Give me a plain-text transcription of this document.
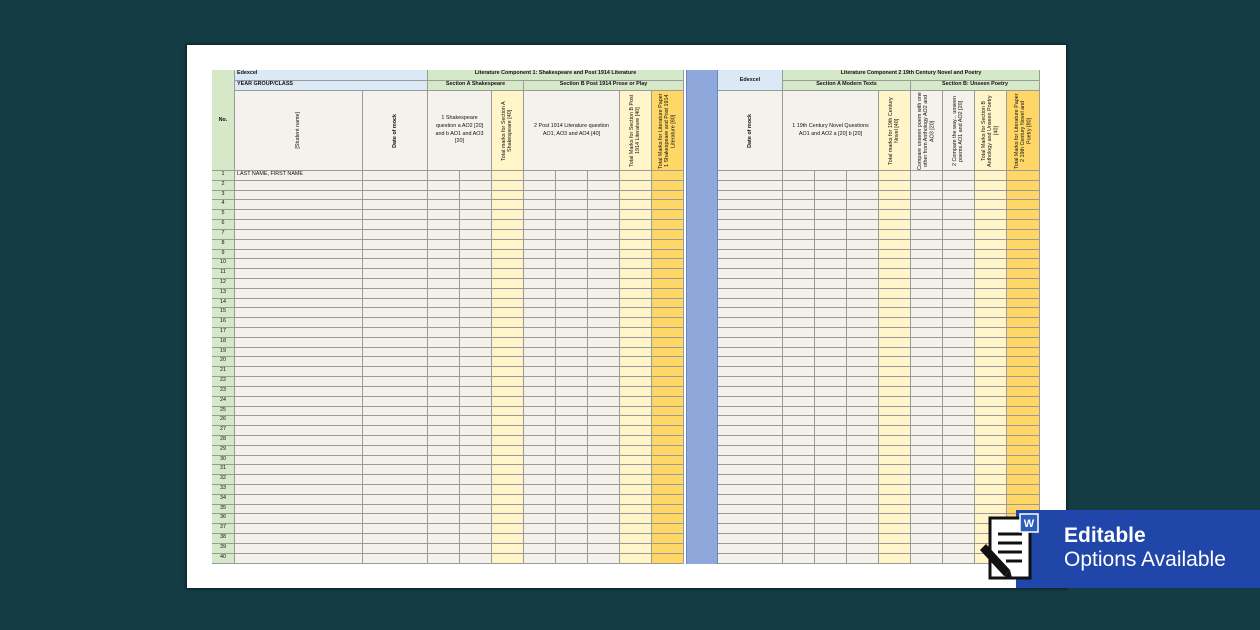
No.
Edexcel	Literature Component 1: Shakespeare and Post 1914 Literature
YEAR GROUP/CLASS	Section A Shakespeare	Section B Post 1914 Prose or Play
[Student name]	Date of mock	1 Shakespeare question a AO2 [20] and b AO1 and AO3 [20]	Total marks for Section A Shakespeare [40]	2 Post 1914 Literature question AO1, AO3 and AO4 [40]	Total Marks for Section B Post 1914 Literature [40]	Total Marks for Literature Paper 1 Shakespeare and Post 1914 Literature [80]
1	LAST NAME, FIRST NAME
2
3
4
5
6
7
8
9
10
11
12
13
14
15
16
17
18
19
20
21
22
23
24
25
26
27
28
29
30
31
32
33
34
35
36
37
38
39
40
Edexcel
Literature Component 2 19th Century Novel and Poetry
Section A Modern Texts	Section B: Unseen Poetry
Date of mock	1 19th Century Novel Questions AO1 and AO2 a [20] b [20]	Total marks for 19th Century Novel [40]	Compare unseen poem with one other from Anthology AO2 and AO3 [20]	2 Compare the way... unseen poems AO1 and AO2 [20]	Total Marks for Section B Anthology and Unseen Poetry [40]	Total Marks for Literature Paper 2 19th Century Novel and Poetry [80]
W Editable
Options Available
